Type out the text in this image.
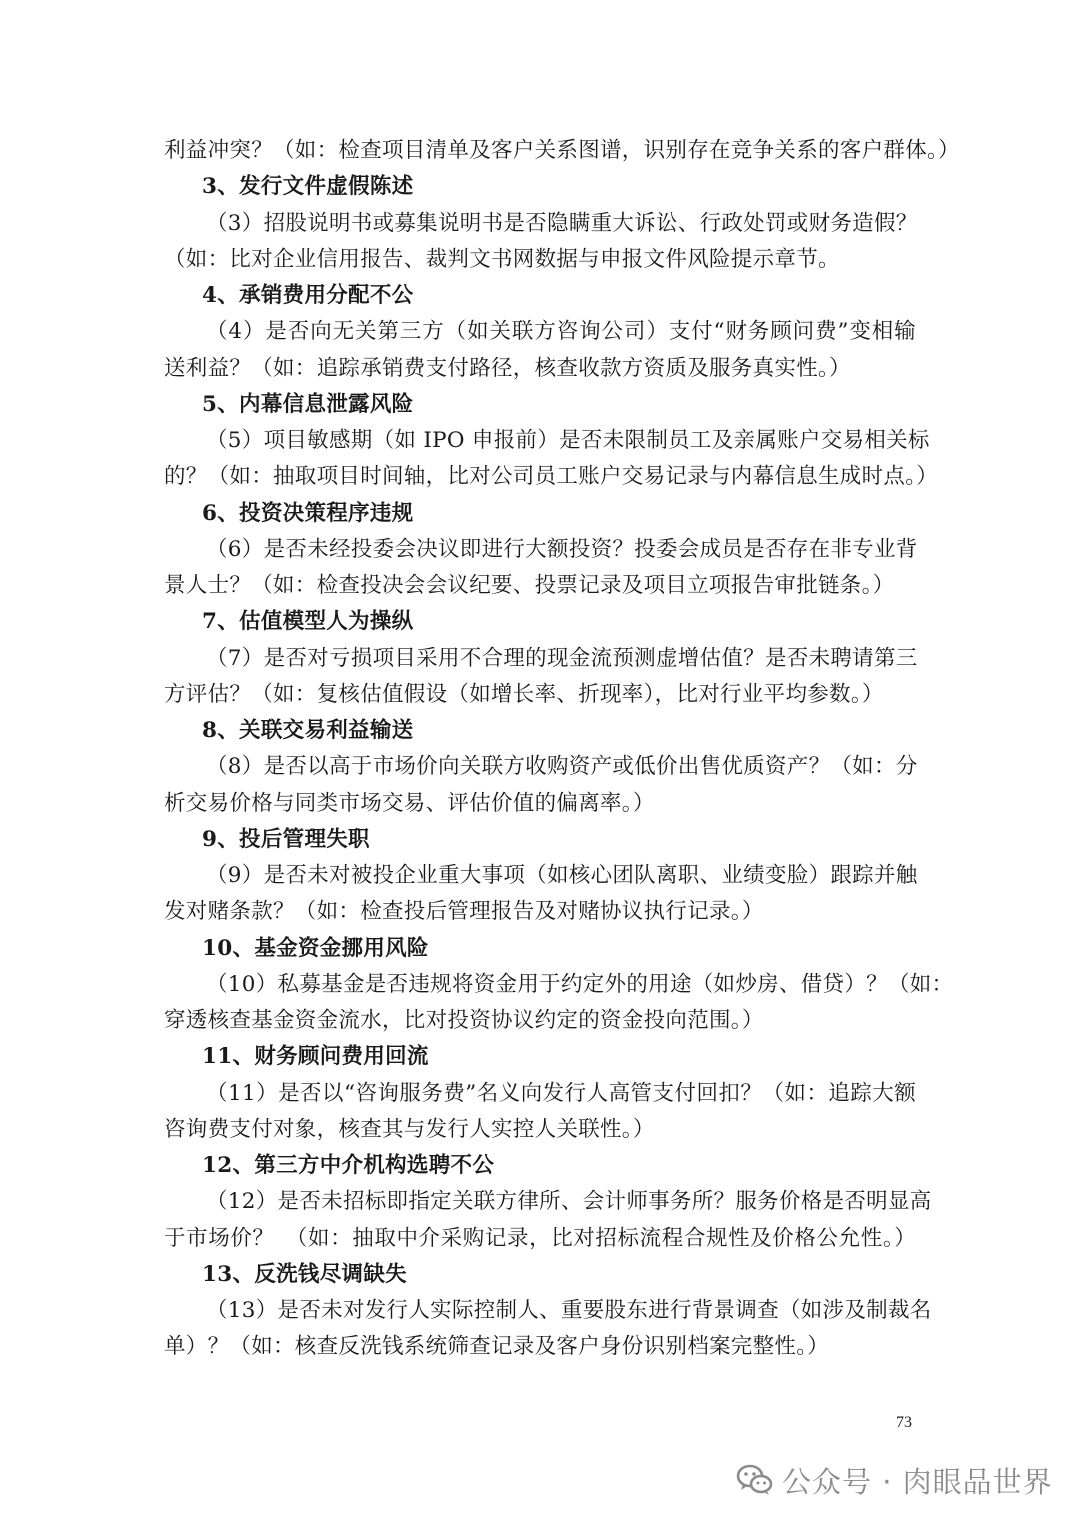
利益冲突？（如：检查项目清单及客户关系图谱，识别存在竞争关系的客户群体。）
3、发行文件虚假陈述
（3）招股说明书或募集说明书是否隐瞒重大诉讼、行政处罚或财务造假？
（如：比对企业信用报告、裁判文书网数据与申报文件风险提示章节。
4、承销费用分配不公
（4）是否向无关第三方（如关联方咨询公司）支付“财务顾问费”变相输
送利益？（如：追踪承销费支付路径，核查收款方资质及服务真实性。）
5、内幕信息泄露风险
（5）项目敏感期（如 IPO 申报前）是否未限制员工及亲属账户交易相关标
的？（如：抽取项目时间轴，比对公司员工账户交易记录与内幕信息生成时点。）
6、投资决策程序违规
（6）是否未经投委会决议即进行大额投资？投委会成员是否存在非专业背
景人士？（如：检查投决会会议纪要、投票记录及项目立项报告审批链条。）
7、估值模型人为操纵
（7）是否对亏损项目采用不合理的现金流预测虚增估值？是否未聘请第三
方评估？（如：复核估值假设（如增长率、折现率），比对行业平均参数。）
8、关联交易利益输送
（8）是否以高于市场价向关联方收购资产或低价出售优质资产？（如：分
析交易价格与同类市场交易、评估价值的偏离率。）
9、投后管理失职
（9）是否未对被投企业重大事项（如核心团队离职、业绩变脸）跟踪并触
发对赌条款？（如：检查投后管理报告及对赌协议执行记录。）
10、基金资金挪用风险
（10）私募基金是否违规将资金用于约定外的用途（如炒房、借贷）？（如：
穿透核查基金资金流水，比对投资协议约定的资金投向范围。）
11、财务顾问费用回流
（11）是否以“咨询服务费”名义向发行人高管支付回扣？（如：追踪大额
咨询费支付对象，核查其与发行人实控人关联性。）
12、第三方中介机构选聘不公
（12）是否未招标即指定关联方律所、会计师事务所？服务价格是否明显高
于市场价？　（如：抽取中介采购记录，比对招标流程合规性及价格公允性。）
13、反洗钱尽调缺失
（13）是否未对发行人实际控制人、重要股东进行背景调查（如涉及制裁名
单）？（如：核查反洗钱系统筛查记录及客户身份识别档案完整性。）
73
公众号 · 肉眼品世界
